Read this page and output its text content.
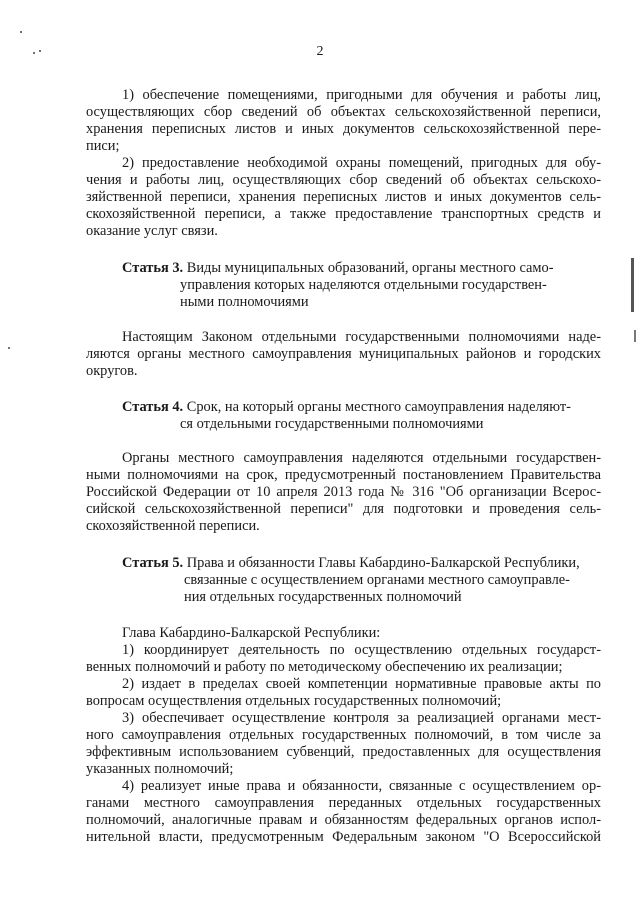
2
1) обеспечение помещениями, пригодными для обучения и работы лиц,
осуществляющих сбор сведений об объектах сельскохозяйственной переписи,
хранения переписных листов и иных документов сельскохозяйственной пере-
писи;
2) предоставление необходимой охраны помещений, пригодных для обу-
чения и работы лиц, осуществляющих сбор сведений об объектах сельскохо-
зяйственной переписи, хранения переписных листов и иных документов сель-
скохозяйственной переписи, а также предоставление транспортных средств и
оказание услуг связи.
Статья 3. Виды муниципальных образований, органы местного само-
управления которых наделяются отдельными государствен-
ными полномочиями
Настоящим Законом отдельными государственными полномочиями наде-
ляются органы местного самоуправления муниципальных районов и городских
округов.
Статья 4. Срок, на который органы местного самоуправления наделяют-
ся отдельными государственными полномочиями
Органы местного самоуправления наделяются отдельными государствен-
ными полномочиями на срок, предусмотренный постановлением Правительства
Российской Федерации от 10 апреля 2013 года № 316 "Об организации Всерос-
сийской сельскохозяйственной переписи" для подготовки и проведения сель-
скохозяйственной переписи.
Статья 5. Права и обязанности Главы Кабардино-Балкарской Республики,
связанные с осуществлением органами местного самоуправле-
ния отдельных государственных полномочий
Глава Кабардино-Балкарской Республики:
1) координирует деятельность по осуществлению отдельных государст-
венных полномочий и работу по методическому обеспечению их реализации;
2) издает в пределах своей компетенции нормативные правовые акты по
вопросам осуществления отдельных государственных полномочий;
3) обеспечивает осуществление контроля за реализацией органами мест-
ного самоуправления отдельных государственных полномочий, в том числе за
эффективным использованием субвенций, предоставленных для осуществления
указанных полномочий;
4) реализует иные права и обязанности, связанные с осуществлением ор-
ганами местного самоуправления переданных отдельных государственных
полномочий, аналогичные правам и обязанностям федеральных органов испол-
нительной власти, предусмотренным Федеральным законом "О Всероссийской
